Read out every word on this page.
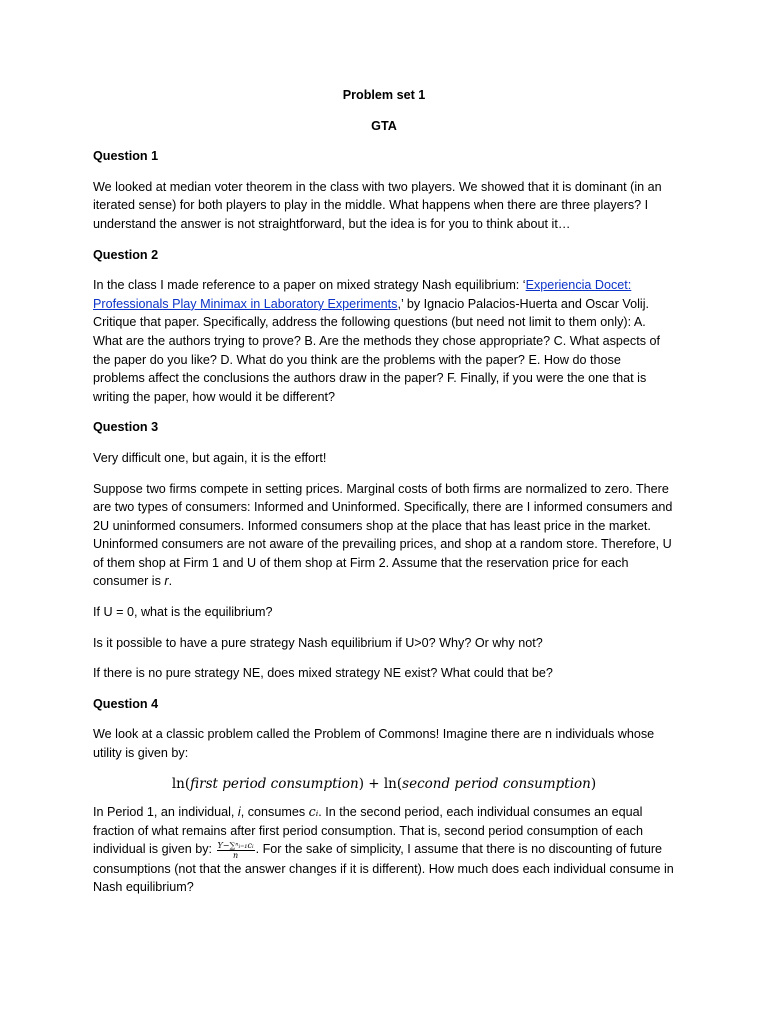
Problem set 1
GTA
Question 1

We looked at median voter theorem in the class with two players. We showed that it is dominant (in an iterated sense) for both players to play in the middle. What happens when there are three players? I understand the answer is not straightforward, but the idea is for you to think about it…

Question 2

In the class I made reference to a paper on mixed strategy Nash equilibrium: ‘Experiencia Docet: Professionals Play Minimax in Laboratory Experiments,’ by Ignacio Palacios-Huerta and Oscar Volij. Critique that paper. Specifically, address the following questions (but need not limit to them only): A. What are the authors trying to prove? B. Are the methods they chose appropriate? C. What aspects of the paper do you like? D. What do you think are the problems with the paper? E. How do those problems affect the conclusions the authors draw in the paper? F. Finally, if you were the one that is writing the paper, how would it be different?

Question 3

Very difficult one, but again, it is the effort!

Suppose two firms compete in setting prices. Marginal costs of both firms are normalized to zero. There are two types of consumers: Informed and Uninformed. Specifically, there are I informed consumers and 2U uninformed consumers. Informed consumers shop at the place that has least price in the market. Uninformed consumers are not aware of the prevailing prices, and shop at a random store. Therefore, U of them shop at Firm 1 and U of them shop at Firm 2. Assume that the reservation price for each consumer is r.

If U = 0, what is the equilibrium?

Is it possible to have a pure strategy Nash equilibrium if U>0? Why? Or why not?

If there is no pure strategy NE, does mixed strategy NE exist? What could that be?

Question 4

We look at a classic problem called the Problem of Commons! Imagine there are n individuals whose utility is given by:

ln(first period consumption) + ln(second period consumption)

In Period 1, an individual, i, consumes cᵢ. In the second period, each individual consumes an equal fraction of what remains after first period consumption. That is, second period consumption of each individual is given by: $\frac{\text{Y−∑ⁿᵢ₌₁cᵢ}}{n}$ . For the sake of simplicity, I assume that there is no discounting of future consumptions (not that the answer changes if it is different). How much does each individual consume in Nash equilibrium?
